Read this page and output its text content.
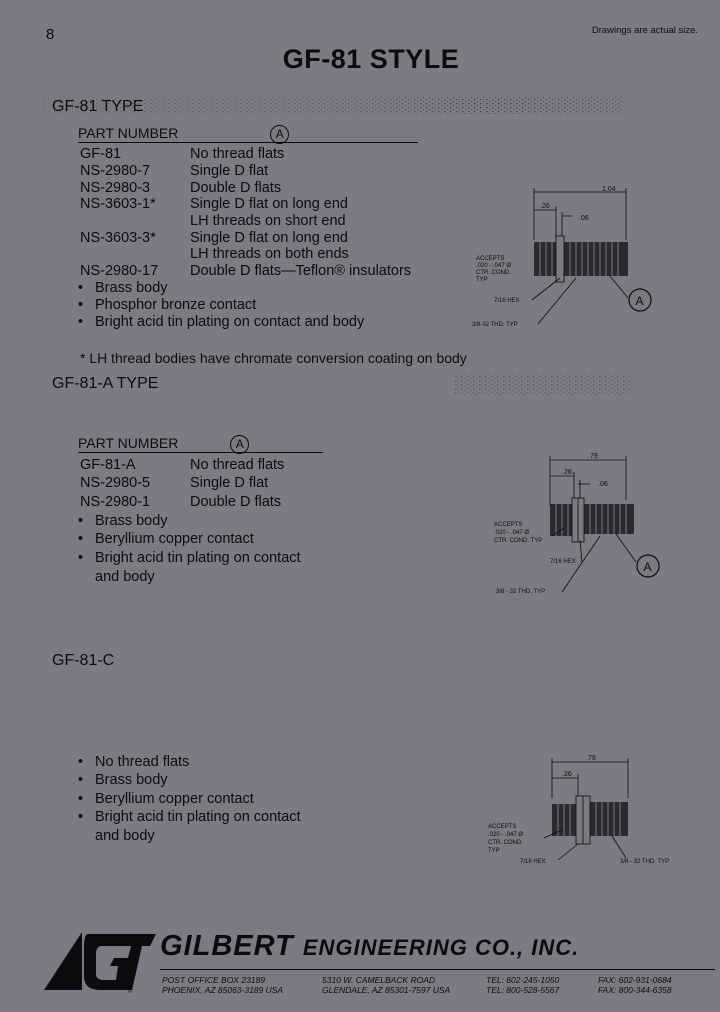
8	Drawings are actual size.
GF-81 STYLE
GF-81 TYPE
PART NUMBER	A
GF-81	No thread flats
NS-2980-7	Single D flat
NS-2980-3	Double D flats
NS-3603-1* Single D flat on long end
LH threads on short end
NS-3603-3* Single D flat on long end
LH threads on both ends
NS-2980-17 Double D flats—Teflon® insulators
• Brass body
• Phosphor bronze contact
• Bright acid tin plating on contact and body
* LH thread bodies have chromate conversion coating on body
1.04
.26
.06
ACCEPTS
.020 - .047 Ø
CTR. COND.
TYP
7/16 HEX
3/8-32 THD. TYP
A
GF-81-A TYPE
PART NUMBER	A
GF-81-A	No thread flats
NS-2980-5	Single D flat
NS-2980-1	Double D flats
• Brass body
• Beryllium copper contact
• Bright acid tin plating on contact
and body
.79
.26
.06
ACCEPTS
.020 - .047 Ø
CTR. COND. TYP
7/16 HEX
3/8 - 32 THD. TYP
A
GF-81-C
• No thread flats
• Brass body
• Beryllium copper contact
• Bright acid tin plating on contact
and body
.79
.26
ACCEPTS
.020 - .047 Ø
CTR. COND.
TYP
7/16 HEX	3/8 - 32 THD. TYP
®
GILBERT ENGINEERING CO., INC.
POST OFFICE BOX 23189
PHOENIX, AZ 85063-3189 USA
5310 W. CAMELBACK ROAD
GLENDALE, AZ 85301-7597 USA
TEL: 602-245-1050
TEL: 800-528-5567
FAX: 602-931-0684
FAX: 800-344-6358
